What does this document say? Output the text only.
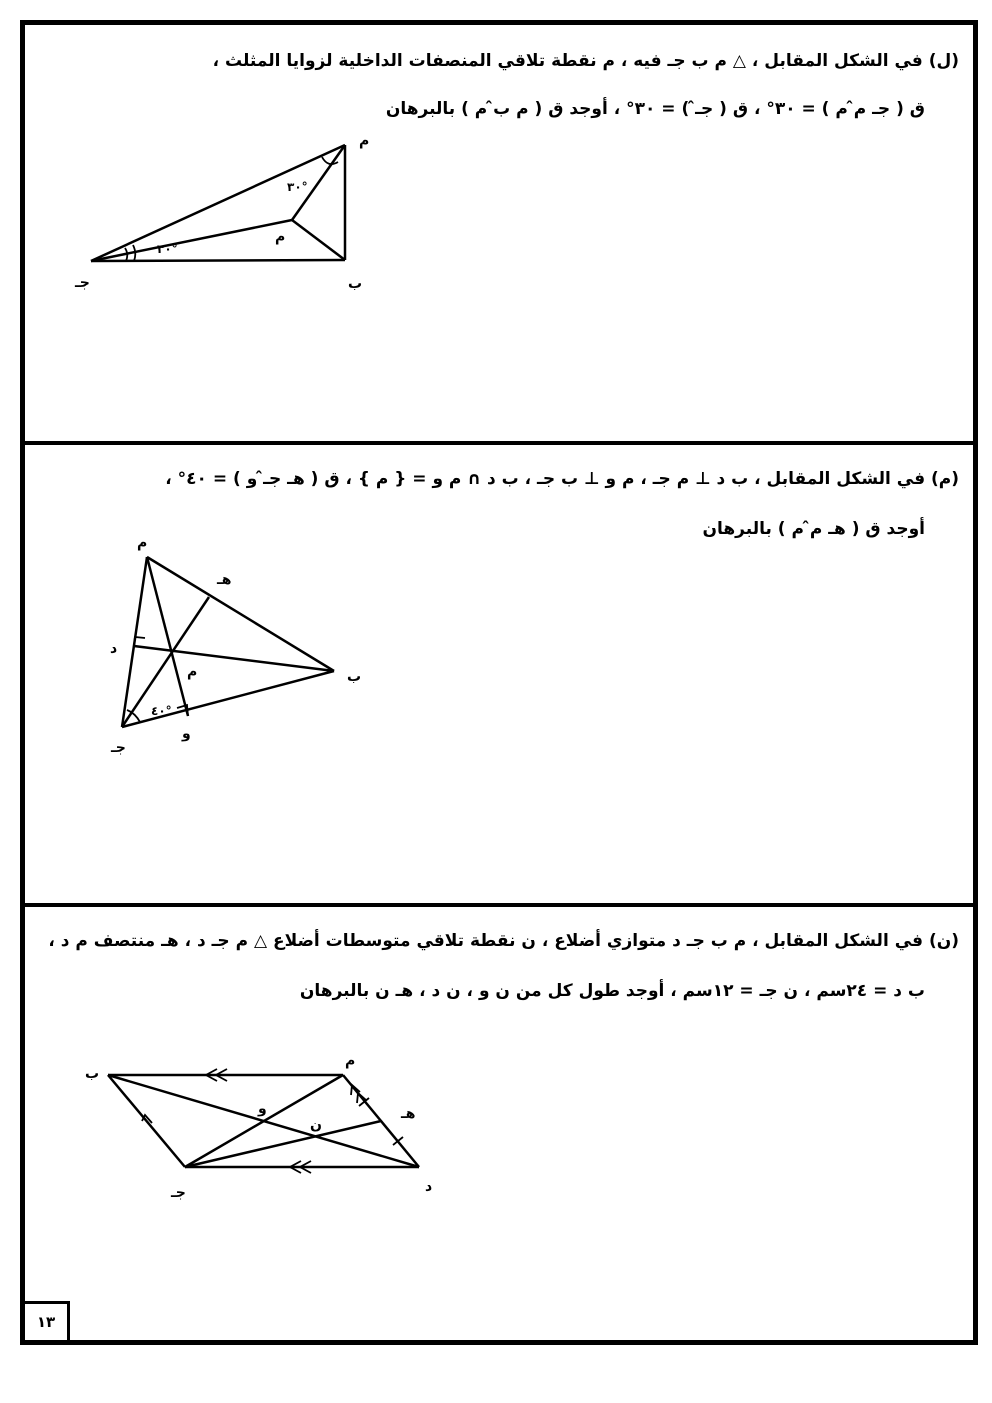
(ل) في الشكل المقابل ، △ ﻡ ب جـ فيه ، م نقطة تلاقي المنصفات الداخلية لزوايا المثلث ،
ق ( جـ ﻡ̂ م ) = ٣٠° ، ق ( جـ̂ ) = ٣٠° ، أوجد ق ( ﻡ ب̂ م ) بالبرهان
(م) في الشكل المقابل ، ب د ⊥ ﻡ جـ ، ﻡ و ⊥ ب جـ ، ب د ∩ ﻡ و = { م } ، ق ( هـ جـ̂ و ) = ٤٠° ،
أوجد ق ( هـ ﻡ̂ م ) بالبرهان
(ن) في الشكل المقابل ، ﻡ ب جـ د متوازي أضلاع ، ن نقطة تلاقي متوسطات أضلاع △ ﻡ جـ د ، هـ منتصف ﻡ د ،
ب د = ٢٤سم ، ن جـ = ١٢سم ، أوجد طول كل من ن و ، ن د ، هـ ن بالبرهان
ﻡ
ب
جـ
م
٣٠°
٣٠°
ﻡ
ب
جـ
د
هـ
و
م
٤٠°
ﻡ
ب
جـ	د
هـ
و
ن
١٣
